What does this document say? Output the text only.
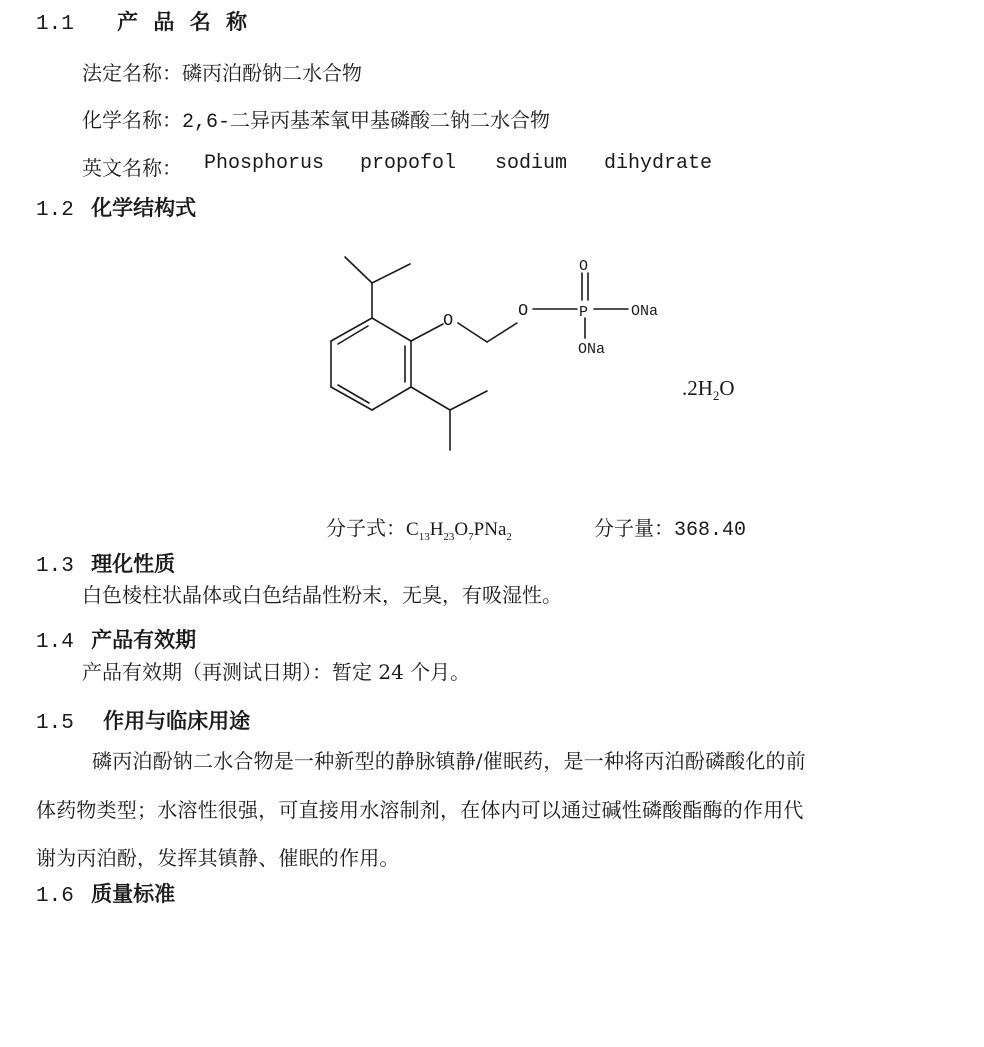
1.1 产 品 名 称
法定名称：磷丙泊酚钠二水合物
化学名称：2,6-二异丙基苯氧甲基磷酸二钠二水合物
英文名称： Phosphorus propofol sodium dihydrate
1.2 化学结构式
O
O
O
P	ONa
ONa
$.2H_2O$
分子式：$C_{13}H_{23}O_7PNa_2$	分子量：368.40
1.3 理化性质
白色棱柱状晶体或白色结晶性粉末，无臭，有吸湿性。
1.4 产品有效期
产品有效期（再测试日期）：暂定 24 个月。
1.5 作用与临床用途
磷丙泊酚钠二水合物是一种新型的静脉镇静/催眠药，是一种将丙泊酚磷酸化的前
体药物类型；水溶性很强，可直接用水溶制剂，在体内可以通过碱性磷酸酯酶的作用代
谢为丙泊酚，发挥其镇静、催眠的作用。
1.6 质量标准
